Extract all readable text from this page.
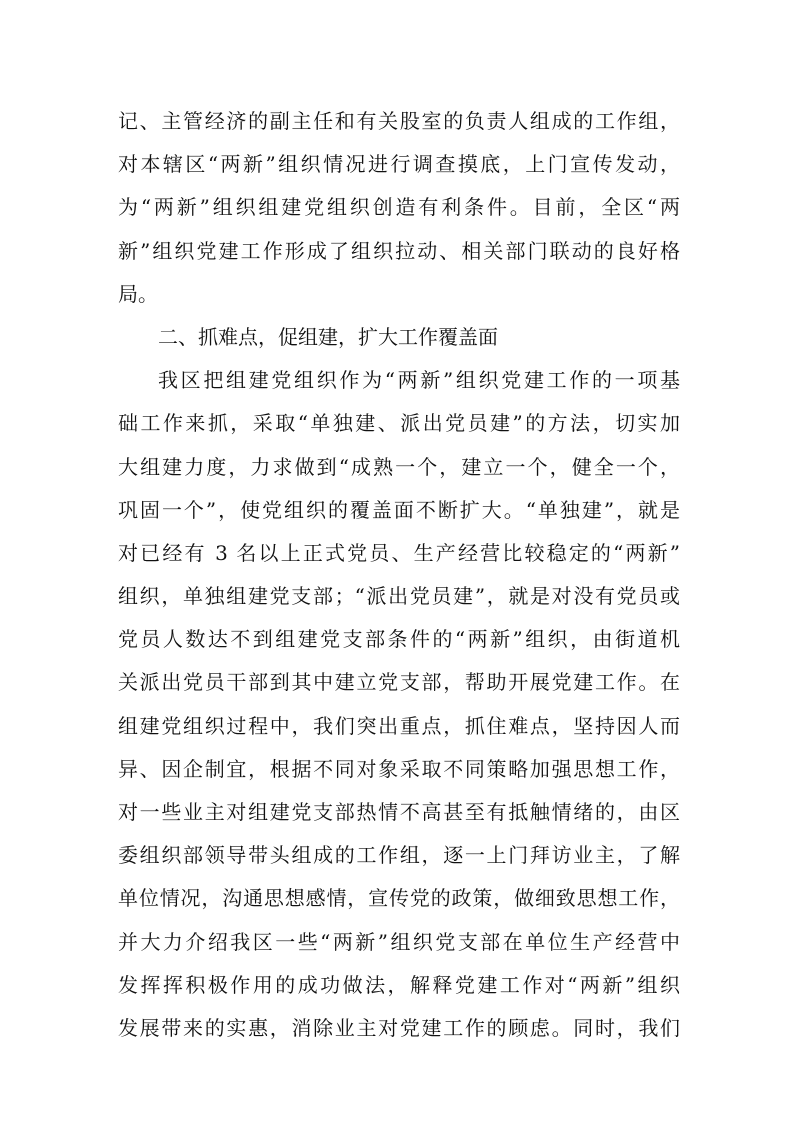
记、主管经济的副主任和有关股室的负责人组成的工作组，
对本辖区“两新”组织情况进行调查摸底，上门宣传发动，
为“两新”组织组建党组织创造有利条件。目前，全区“两
新”组织党建工作形成了组织拉动、相关部门联动的良好格
局。
二、抓难点，促组建，扩大工作覆盖面
我区把组建党组织作为“两新”组织党建工作的一项基
础工作来抓，采取“单独建、派出党员建”的方法，切实加
大组建力度，力求做到“成熟一个，建立一个，健全一个，
巩固一个”，使党组织的覆盖面不断扩大。“单独建”，就是
对已经有 3 名以上正式党员、生产经营比较稳定的“两新”
组织，单独组建党支部；“派出党员建”，就是对没有党员或
党员人数达不到组建党支部条件的“两新”组织，由街道机
关派出党员干部到其中建立党支部，帮助开展党建工作。在
组建党组织过程中，我们突出重点，抓住难点，坚持因人而
异、因企制宜，根据不同对象采取不同策略加强思想工作，
对一些业主对组建党支部热情不高甚至有抵触情绪的，由区
委组织部领导带头组成的工作组，逐一上门拜访业主，了解
单位情况，沟通思想感情，宣传党的政策，做细致思想工作，
并大力介绍我区一些“两新”组织党支部在单位生产经营中
发挥挥积极作用的成功做法，解释党建工作对“两新”组织
发展带来的实惠，消除业主对党建工作的顾虑。同时，我们
